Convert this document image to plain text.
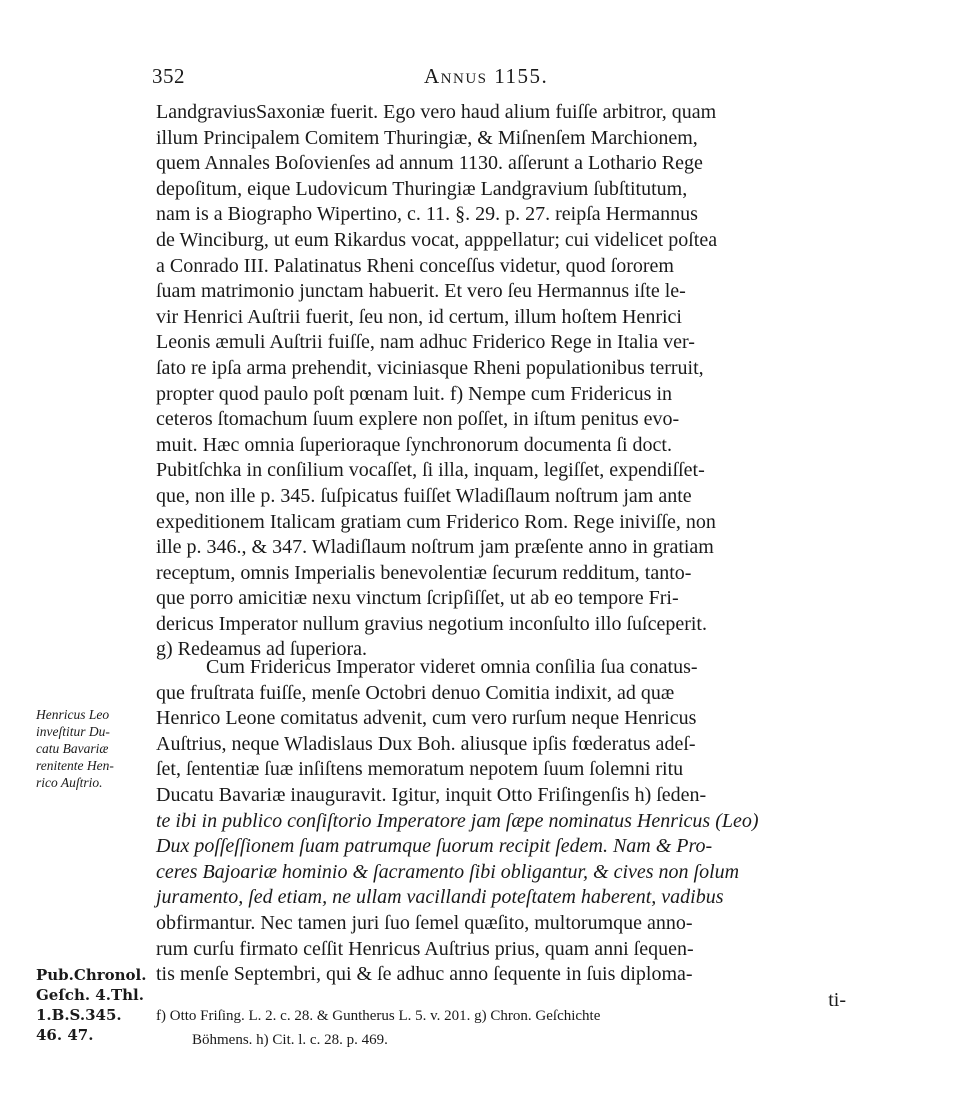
352	Annus 1155.
LandgraviusSaxoniæ fuerit. Ego vero haud alium fuiſſe arbitror, quam
illum Principalem Comitem Thuringiæ, & Miſnenſem Marchionem,
quem Annales Boſovienſes ad annum 1130. aſſerunt a Lothario Rege
depoſitum, eique Ludovicum Thuringiæ Landgravium ſubſtitutum,
nam is a Biographo Wipertino, c. 11. §. 29. p. 27. reipſa Hermannus
de Winciburg, ut eum Rikardus vocat, apppellatur; cui videlicet poſtea
a Conrado III. Palatinatus Rheni conceſſus videtur, quod ſororem
ſuam matrimonio junctam habuerit. Et vero ſeu Hermannus iſte le-
vir Henrici Auſtrii fuerit, ſeu non, id certum, illum hoſtem Henrici
Leonis æmuli Auſtrii fuiſſe, nam adhuc Friderico Rege in Italia ver-
ſato re ipſa arma prehendit, viciniasque Rheni populationibus terruit,
propter quod paulo poſt pœnam luit. f) Nempe cum Fridericus in
ceteros ſtomachum ſuum explere non poſſet, in iſtum penitus evo-
muit. Hæc omnia ſuperioraque ſynchronorum documenta ſi doct.
Pubitſchka in conſilium vocaſſet, ſi illa, inquam, legiſſet, expendiſſet-
que, non ille p. 345. ſuſpicatus fuiſſet Wladiſlaum noſtrum jam ante
expeditionem Italicam gratiam cum Friderico Rom. Rege iniviſſe, non
ille p. 346., & 347. Wladiſlaum noſtrum jam præſente anno in gratiam
receptum, omnis Imperialis benevolentiæ ſecurum redditum, tanto-
que porro amicitiæ nexu vinctum ſcripſiſſet, ut ab eo tempore Fri-
dericus Imperator nullum gravius negotium inconſulto illo ſuſceperit.
g) Redeamus ad ſuperiora.
Cum Fridericus Imperator videret omnia conſilia ſua conatus-
que fruſtrata fuiſſe, menſe Octobri denuo Comitia indixit, ad quæ
Henrico Leone comitatus advenit, cum vero rurſum neque Henricus
Auſtrius, neque Wladislaus Dux Boh. aliusque ipſis fœderatus adeſ-
ſet, ſententiæ ſuæ inſiſtens memoratum nepotem ſuum ſolemni ritu
Ducatu Bavariæ inauguravit. Igitur, inquit Otto Friſingenſis h) ſeden-
te ibi in publico conſiſtorio Imperatore jam ſæpe nominatus Henricus (Leo)
Dux poſſeſſionem ſuam patrumque ſuorum recipit ſedem. Nam & Pro-
ceres Bajoariæ hominio & ſacramento ſibi obligantur, & cives non ſolum
juramento, ſed etiam, ne ullam vacillandi poteſtatem haberent, vadibus
obfirmantur. Nec tamen juri ſuo ſemel quæſito, multorumque anno-
rum curſu firmato ceſſit Henricus Auſtrius prius, quam anni ſequen-
tis menſe Septembri, qui & ſe adhuc anno ſequente in ſuis diploma-
ti-
Henricus Leo
inveſtitur Du-
catu Bavariæ
renitente Hen-
rico Auſtrio.
Pub.Chronol.
Geſch. 4.Thl.
1.B.S.345.
46. 47.
f) Otto Friſing. L. 2. c. 28. & Guntherus L. 5. v. 201. g) Chron. Geſchichte
Böhmens. h) Cit. l. c. 28. p. 469.
